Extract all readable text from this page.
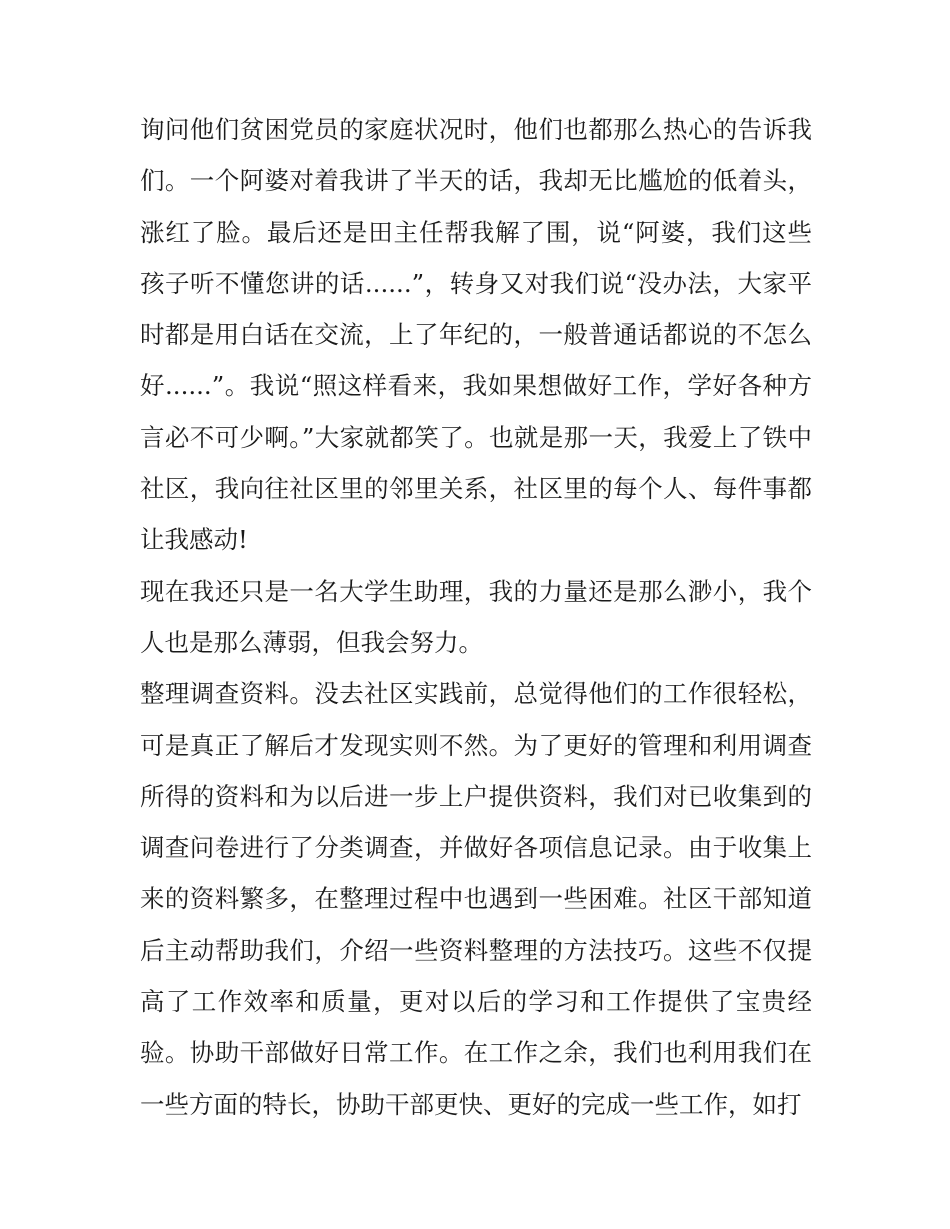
询问他们贫困党员的家庭状况时，他们也都那么热心的告诉我们。一个阿婆对着我讲了半天的话，我却无比尴尬的低着头，涨红了脸。最后还是田主任帮我解了围，说“阿婆，我们这些孩子听不懂您讲的话......”，转身又对我们说“没办法，大家平时都是用白话在交流，上了年纪的，一般普通话都说的不怎么好......”。我说“照这样看来，我如果想做好工作，学好各种方言必不可少啊。”大家就都笑了。也就是那一天，我爱上了铁中社区，我向往社区里的邻里关系，社区里的每个人、每件事都让我感动!

现在我还只是一名大学生助理，我的力量还是那么渺小，我个人也是那么薄弱，但我会努力。

整理调查资料。没去社区实践前，总觉得他们的工作很轻松，可是真正了解后才发现实则不然。为了更好的管理和利用调查所得的资料和为以后进一步上户提供资料，我们对已收集到的调查问卷进行了分类调查，并做好各项信息记录。由于收集上来的资料繁多，在整理过程中也遇到一些困难。社区干部知道后主动帮助我们，介绍一些资料整理的方法技巧。这些不仅提高了工作效率和质量，更对以后的学习和工作提供了宝贵经验。协助干部做好日常工作。在工作之余，我们也利用我们在一些方面的特长，协助干部更快、更好的完成一些工作，如打
